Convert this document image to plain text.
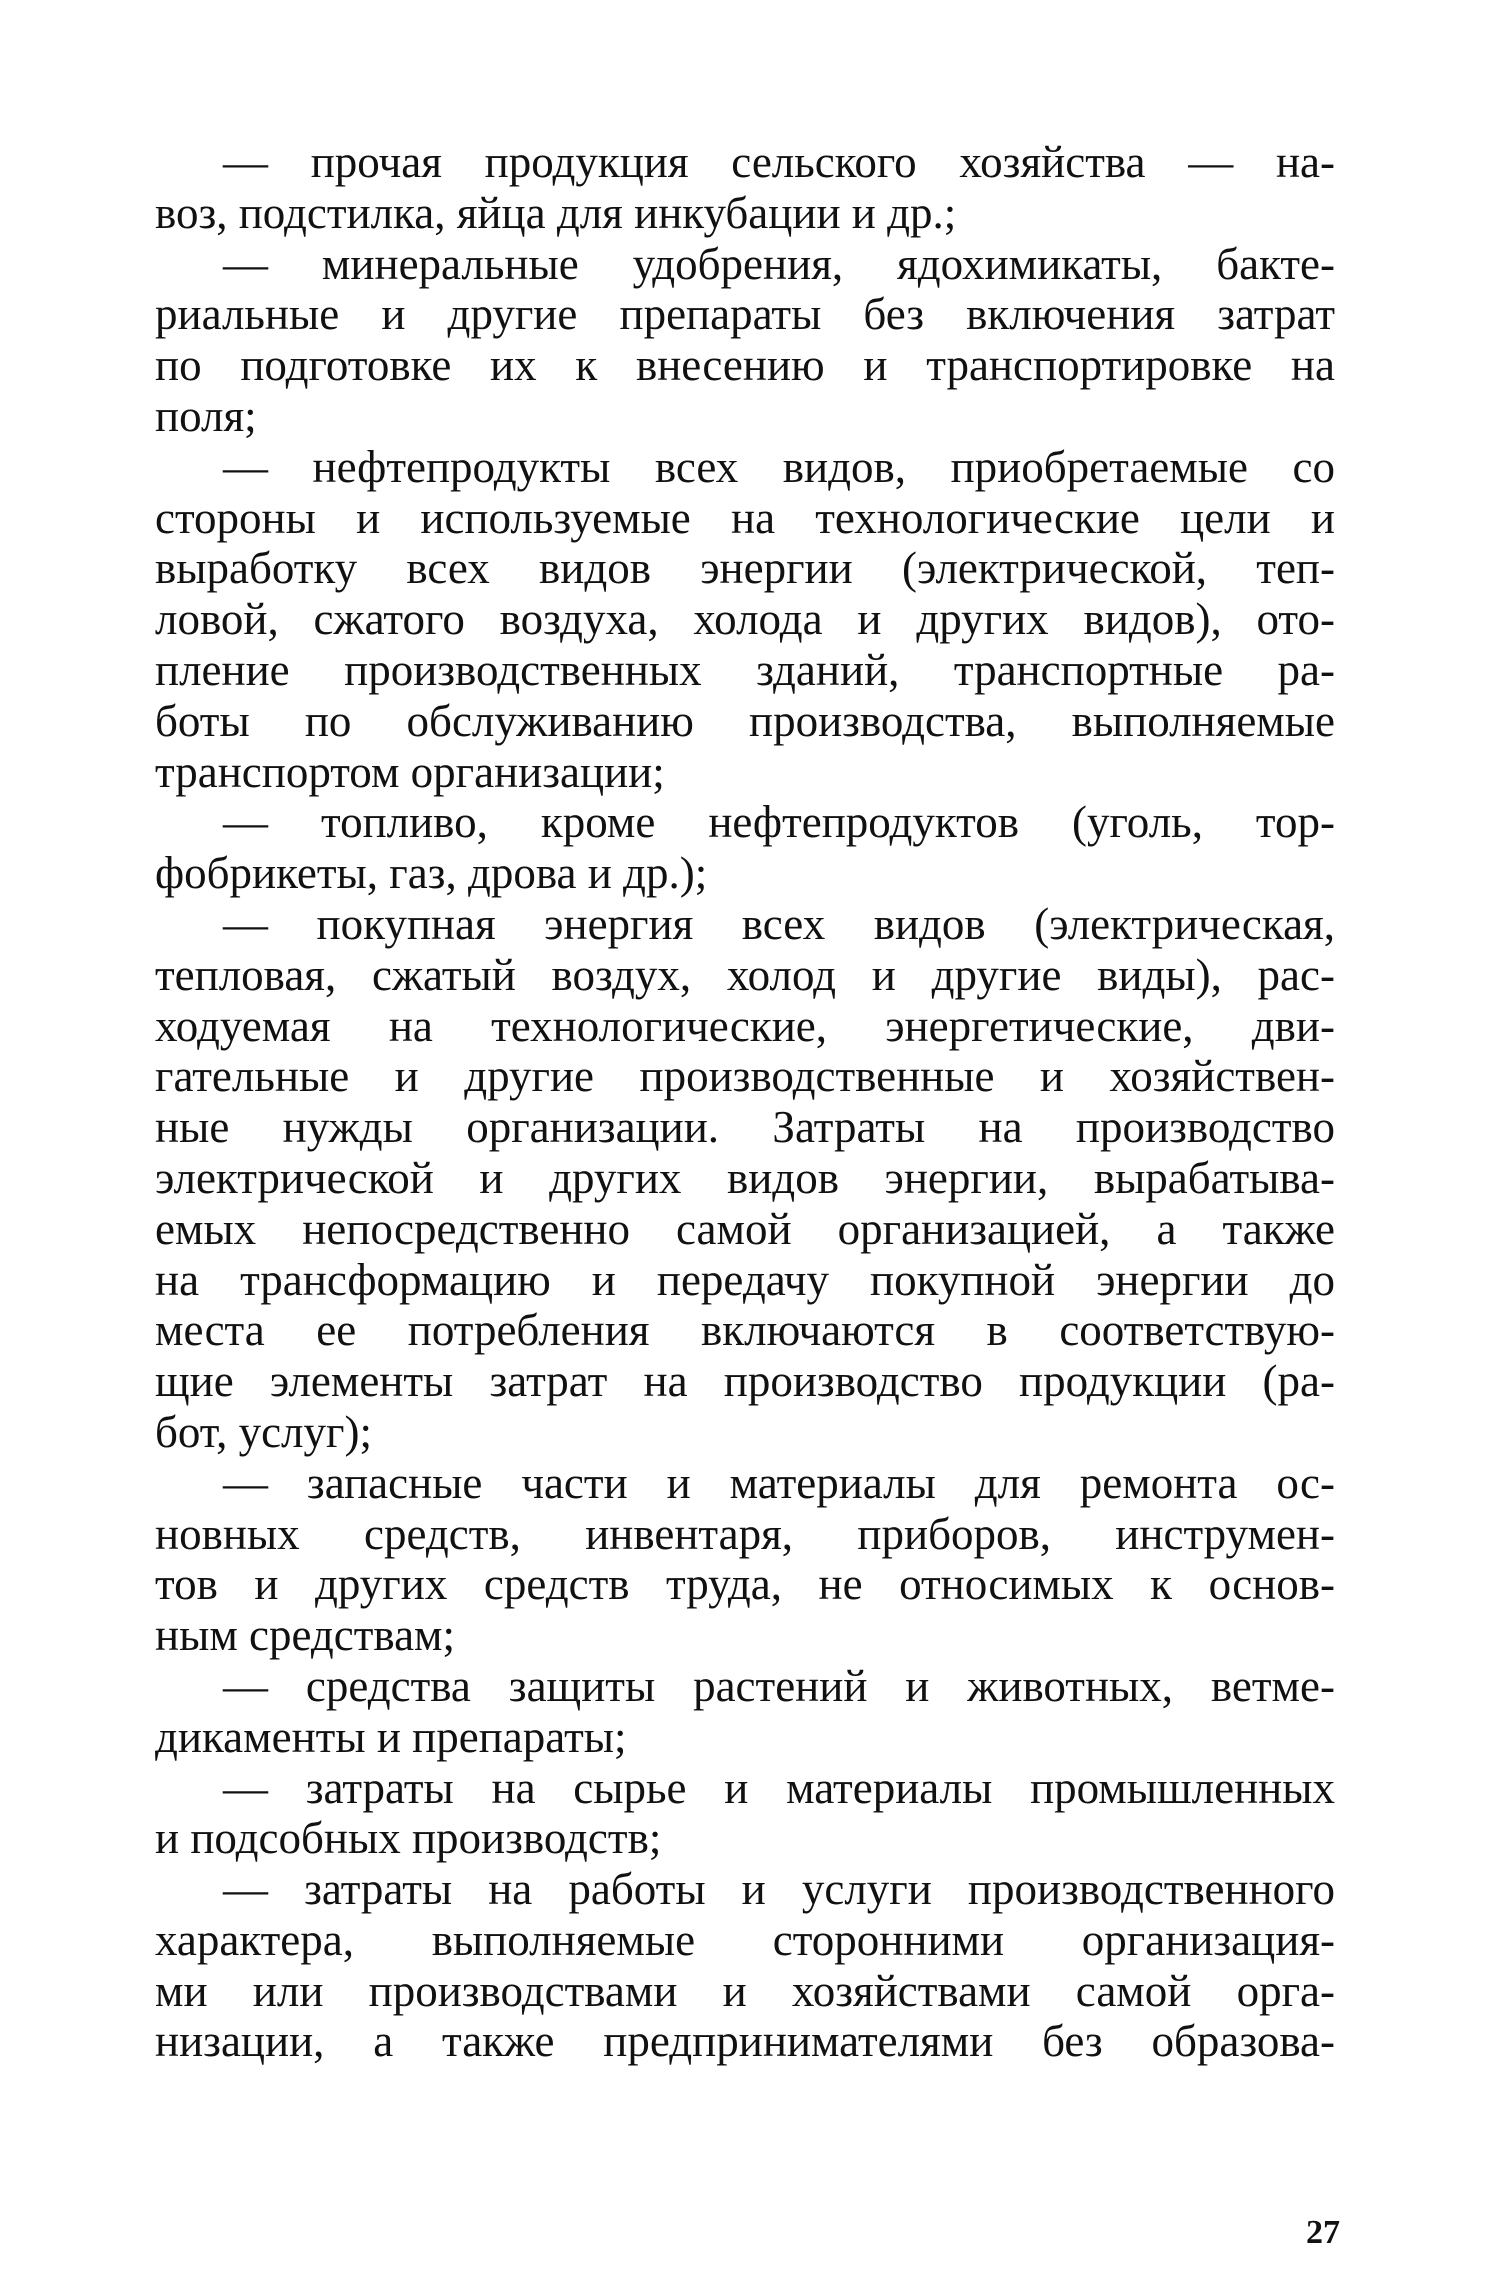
— прочая продукция сельского хозяйства — на-
воз, подстилка, яйца для инкубации и др.;
— минеральные удобрения, ядохимикаты, бакте-
риальные и другие препараты без включения затрат
по подготовке их к внесению и транспортировке на
поля;
— нефтепродукты всех видов, приобретаемые со
стороны и используемые на технологические цели и
выработку всех видов энергии (электрической, теп-
ловой, сжатого воздуха, холода и других видов), ото-
пление производственных зданий, транспортные ра-
боты по обслуживанию производства, выполняемые
транспортом организации;
— топливо, кроме нефтепродуктов (уголь, тор-
фобрикеты, газ, дрова и др.);
— покупная энергия всех видов (электрическая,
тепловая, сжатый воздух, холод и другие виды), рас-
ходуемая на технологические, энергетические, дви-
гательные и другие производственные и хозяйствен-
ные нужды организации. Затраты на производство
электрической и других видов энергии, вырабатыва-
емых непосредственно самой организацией, а также
на трансформацию и передачу покупной энергии до
места ее потребления включаются в соответствую-
щие элементы затрат на производство продукции (ра-
бот, услуг);
— запасные части и материалы для ремонта ос-
новных средств, инвентаря, приборов, инструмен-
тов и других средств труда, не относимых к основ-
ным средствам;
— средства защиты растений и животных, ветме-
дикаменты и препараты;
— затраты на сырье и материалы промышленных
и подсобных производств;
— затраты на работы и услуги производственного
характера, выполняемые сторонними организация-
ми или производствами и хозяйствами самой орга-
низации, а также предпринимателями без образова-
27
